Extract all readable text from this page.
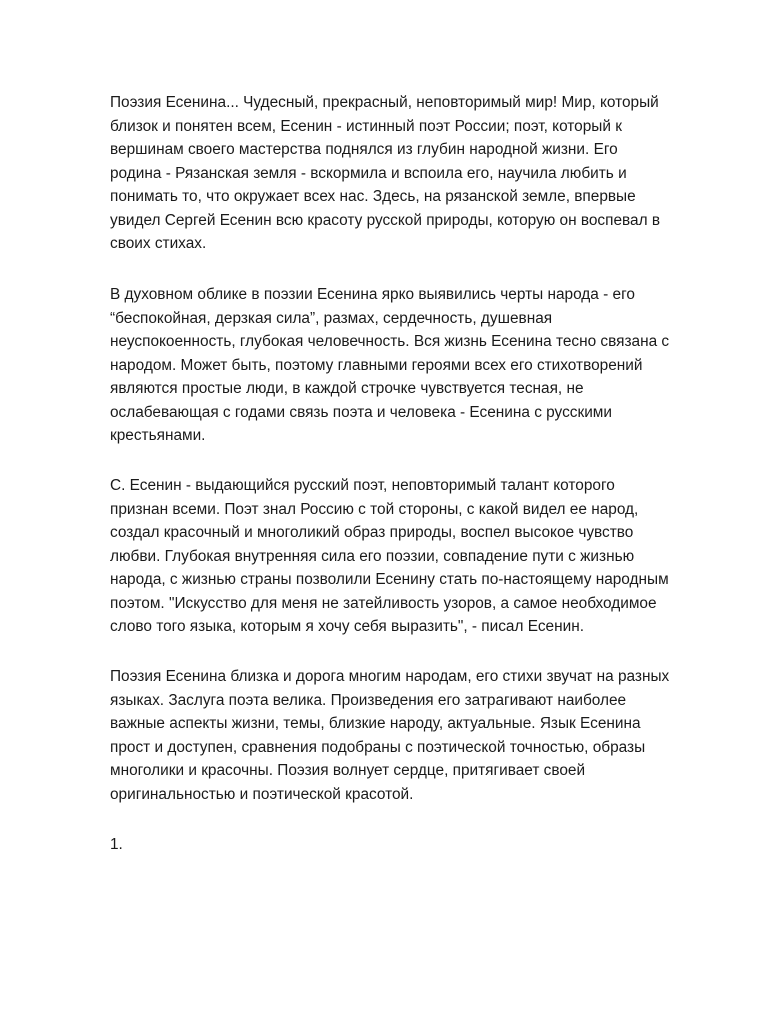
Поэзия Есенина... Чудесный, прекрасный, неповторимый мир! Мир, который
близок и понятен всем, Есенин - истинный поэт России; поэт, который к
вершинам своего мастерства поднялся из глубин народной жизни. Его
родина - Рязанская земля - вскормила и вспоила его, научила любить и
понимать то, что окружает всех нас. Здесь, на рязанской земле, впервые
увидел Сергей Есенин всю красоту русской природы, которую он воспевал в
своих стихах.
В духовном облике в поэзии Есенина ярко выявились черты народа - его
“беспокойная, дерзкая сила”, размах, сердечность, душевная
неуспокоенность, глубокая человечность. Вся жизнь Есенина тесно связана с
народом. Может быть, поэтому главными героями всех его стихотворений
являются простые люди, в каждой строчке чувствуется тесная, не
ослабевающая с годами связь поэта и человека - Есенина с русскими
крестьянами.
С. Есенин - выдающийся русский поэт, неповторимый талант которого
признан всеми. Поэт знал Россию с той стороны, с какой видел ее народ,
создал красочный и многоликий образ природы, воспел высокое чувство
любви. Глубокая внутренняя сила его поэзии, совпадение пути с жизнью
народа, с жизнью страны позволили Есенину стать по-настоящему народным
поэтом. "Искусство для меня не затейливость узоров, а самое необходимое
слово того языка, которым я хочу себя выразить", - писал Есенин.
Поэзия Есенина близка и дорога многим народам, его стихи звучат на разных
языках. Заслуга поэта велика. Произведения его затрагивают наиболее
важные аспекты жизни, темы, близкие народу, актуальные. Язык Есенина
прост и доступен, сравнения подобраны с поэтической точностью, образы
многолики и красочны. Поэзия волнует сердце, притягивает своей
оригинальностью и поэтической красотой.
1.
